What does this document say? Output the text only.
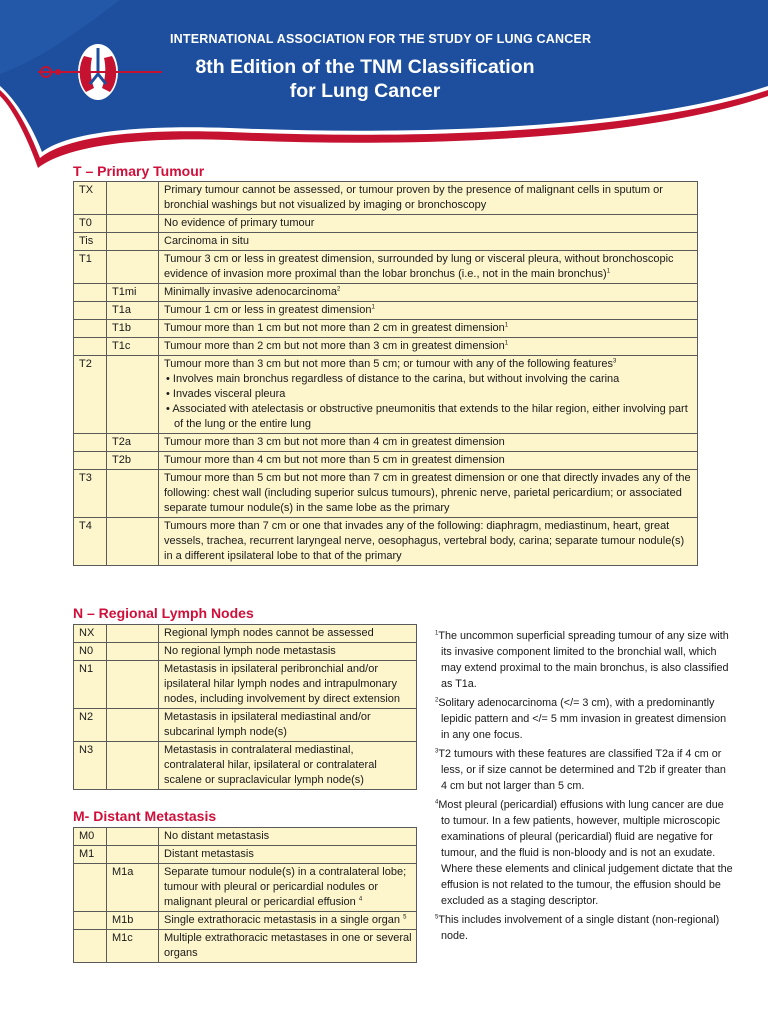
INTERNATIONAL ASSOCIATION FOR THE STUDY OF LUNG CANCER
8th Edition of the TNM Classification
for Lung Cancer
T – Primary Tumour
TX		Primary tumour cannot be assessed, or tumour proven by the presence of malignant cells in sputum or bronchial washings but not visualized by imaging or bronchoscopy
T0		No evidence of primary tumour
Tis		Carcinoma in situ
T1		Tumour 3 cm or less in greatest dimension, surrounded by lung or visceral pleura, without bronchoscopic evidence of invasion more proximal than the lobar bronchus (i.e., not in the main bronchus)$^1$
	T1mi	Minimally invasive adenocarcinoma$^2$
	T1a	Tumour 1 cm or less in greatest dimension$^1$
	T1b	Tumour more than 1 cm but not more than 2 cm in greatest dimension$^1$
	T1c	Tumour more than 2 cm but not more than 3 cm in greatest dimension$^1$
T2		Tumour more than 3 cm but not more than 5 cm; or tumour with any of the following features$^3$
• Involves main bronchus regardless of distance to the carina, but without involving the carina
• Invades visceral pleura
• Associated with atelectasis or obstructive pneumonitis that extends to the hilar region, either involving part of the lung or the entire lung

	T2a	Tumour more than 3 cm but not more than 4 cm in greatest dimension
	T2b	Tumour more than 4 cm but not more than 5 cm in greatest dimension
T3		Tumour more than 5 cm but not more than 7 cm in greatest dimension or one that directly invades any of the following: chest wall (including superior sulcus tumours), phrenic nerve, parietal pericardium; or associated separate tumour nodule(s) in the same lobe as the primary
T4		Tumours more than 7 cm or one that invades any of the following: diaphragm, mediastinum, heart, great vessels, trachea, recurrent laryngeal nerve, oesophagus, vertebral body, carina; separate tumour nodule(s) in a different ipsilateral lobe to that of the primary
N – Regional Lymph Nodes
NX		Regional lymph nodes cannot be assessed
N0		No regional lymph node metastasis
N1		Metastasis in ipsilateral peribronchial and/or ipsilateral hilar lymph nodes and intrapulmonary nodes, including involvement by direct extension
N2		Metastasis in ipsilateral mediastinal and/or subcarinal lymph node(s)
N3		Metastasis in contralateral mediastinal, contralateral hilar, ipsilateral or contralateral scalene or supraclavicular lymph node(s)
M- Distant Metastasis
M0		No distant metastasis
M1		Distant metastasis
	M1a	Separate tumour nodule(s) in a contralateral lobe; tumour with pleural or pericardial nodules or malignant pleural or pericardial effusion $^4$
	M1b	Single extrathoracic metastasis in a single organ $^5$
	M1c	Multiple extrathoracic metastases in one or several organs

$^1$The uncommon superficial spreading tumour of any size with its invasive component limited to the bronchial wall, which may extend proximal to the main bronchus, is also classified as T1a.

$^2$Solitary adenocarcinoma (</= 3 cm), with a predominantly lepidic pattern and </= 5 mm invasion in greatest dimension in any one focus.

$^3$T2 tumours with these features are classified T2a if 4 cm or less, or if size cannot be determined and T2b if greater than 4 cm but not larger than 5 cm.

$^4$Most pleural (pericardial) effusions with lung cancer are due to tumour. In a few patients, however, multiple microscopic examinations of pleural (pericardial) fluid are negative for tumour, and the fluid is non-bloody and is not an exudate. Where these elements and clinical judgement dictate that the effusion is not related to the tumour, the effusion should be excluded as a staging descriptor.

$^5$This includes involvement of a single distant (non-regional) node.
